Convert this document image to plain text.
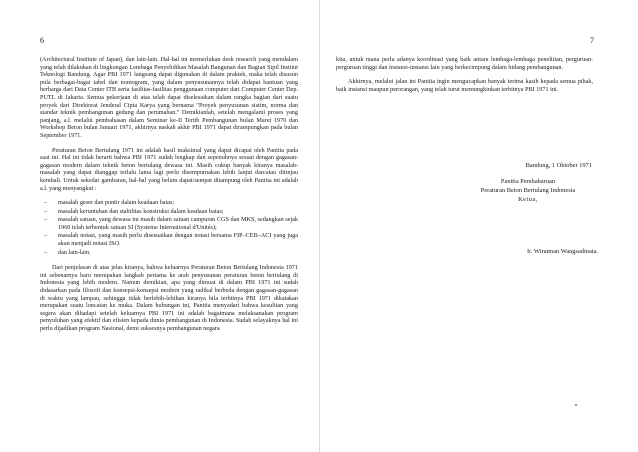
6	7

(Architectural Institute of Japan), dan lain-lain. Hal-hal ini memerlukan desk research yang mendalam yang telah dilakukan di lingkungan Lembaga Penyelidikan Masalah Bangunan dan Bagian Sipil Institut Teknologi Bandung. Agar PBI 1971 langsung dapat digunakan di dalam praktek, maka telah disusun pula berbagai-bagai tabel dan nomogram, yang dalam penyusunannya telah didapat bantuan yang berharga dari Data Center ITB serta fasilitas-fasilitas penggunaan computer dari Computer Center Dep. PUTL di Jakarta. Semua pekerjaan di atas telah dapat diselesaikan dalam rangka bagian dari suatu proyek dari Direktorat Jenderal Cipta Karya yang bernama "Proyek penyusunan sistim, norma dan standar teknik pembangunan gedung dan perumahan." Demikianlah, setelah mengalami proses yang panjang, a.l. melalui pembahasan dalam Seminar ke-II Tertib Pembangunan bulan Maret 1970 dan Workshop Beton bulan Januari 1971, akhirnya naskah akhir PBI 1971 dapat dirampungkan pada bulan September 1971.

Peraturan Beton Bertulang 1971 ini adalah hasil maksimal yang dapat dicapai oleh Panitia pada saat ini. Hal ini tidak berarti bahwa PBI 1971 sudah lengkap dan sepenuhnya sesuai dengan gagasan-gagasan modern dalam teknik beton bertulang dewasa ini. Masih cukup banyak kiranya masalah-masalah yang dapat dianggap terlalu lama lagi perlu disempurnakan lebih lanjut dan/atau ditinjau kembali. Untuk sekedar gambaran, hal-hal yang belum dapat/sempat ditampung oleh Panitia ini adalah a.l. yang menyangkut :

– masalah geser dan puntir dalam keadaan batas;
– masalah keruntuhan dan stabilitas konstruksi dalam keadaan batas;
– masalah satuan, yang dewasa ini masih dalam satuan campuran CGS dan MKS, sedangkan sejak 1960 telah terbentuk satuan SI (Systeme International d'Unités);
– masalah notasi, yang masih perlu disesuaikan dengan notasi bersama FIP–CEB–ACI yang juga akan menjadi notasi ISO.
– dan lain-lain.

Dari penjelasan di atas jelas kiranya, bahwa keluarnya Peraturan Beton Bertulang Indonesia 1971 ini sebenarnya baru merupakan langkah pertama ke arah penyusunan peraturan beton bertulang di Indonesia yang lebih modern. Namun demikian, apa yang dimuat di dalam PBI 1971 ini sudah didasarkan pada filosofi dan konsepsi-konsepsi modern yang radikal berbeda dengan gagasan-gagasan di waktu yang lampau, sehingga tidak berlebih-lebihan kiranya bila terbitnya PBI 1971 dikatakan merupakan suatu loncatan ke muka. Dalam hubungan ini, Panitia menyadari bahwa kesulitan yang segera akan dihadapi setelah keluarnya PBI 1971 ini adalah bagaimana melaksanakan program penyuluhan yang efektif dan efisien kepada dunia pembangunan di Indonesia. Sudah selayaknya hal ini perlu dijadikan program Nasional, demi suksesnya pembangunan negara

kita, untuk mana perlu adanya koordinasi yang baik antara lembaga-lembaga penelitian, perguruan-perguruan tinggi dan instansi-instansi lain yang berkecimpung dalam bidang pembangunan.

Akhirnya, melalui jalan ini Panitia ingin mengucapkan banyak terima kasih kepada semua pihak, baik instansi maupun perorangan, yang telah turut memungkinkan terbitnya PBI 1971 ini.

Bandung, 1 Oktober 1971
Panitia Pembaharuan
Peraturan Beton Bertulang Indonesia
Ketua,
Ir. Wiratman Wangsadinata.
